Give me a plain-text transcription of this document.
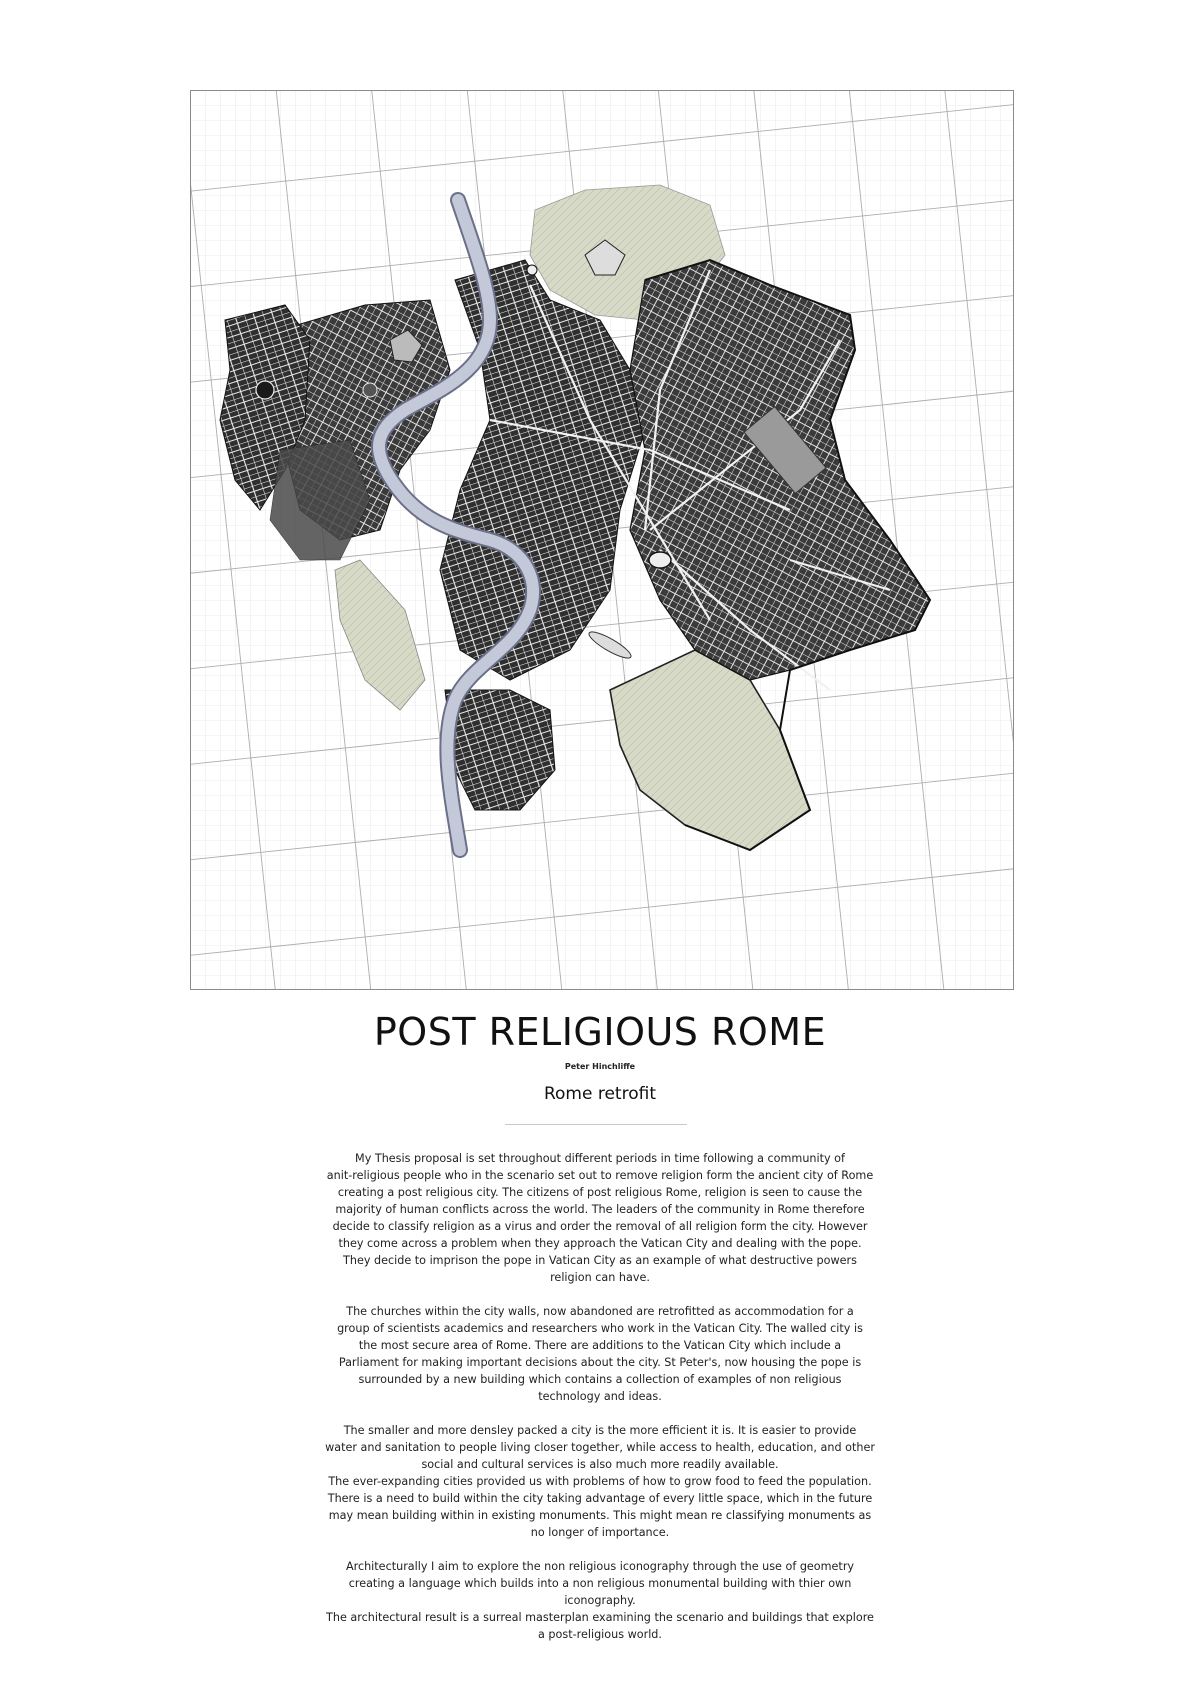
POST RELIGIOUS ROME
Peter Hinchliffe
Rome retrofit

My Thesis proposal is set throughout different periods in time following a community of
anit-religious people who in the scenario set out to remove religion form the ancient city of Rome
creating a post religious city. The citizens of post religious Rome, religion is seen to cause the
majority of human conflicts across the world. The leaders of the community in Rome therefore
decide to classify religion as a virus and order the removal of all religion form the city. However
they come across a problem when they approach the Vatican City and dealing with the pope.
They decide to imprison the pope in Vatican City as an example of what destructive powers
religion can have.

The churches within the city walls, now abandoned are retrofitted as accommodation for a
group of scientists academics and researchers who work in the Vatican City. The walled city is
the most secure area of Rome. There are additions to the Vatican City which include a
Parliament for making important decisions about the city. St Peter's, now housing the pope is
surrounded by a new building which contains a collection of examples of non religious
technology and ideas.

The smaller and more densley packed a city is the more efficient it is. It is easier to provide
water and sanitation to people living closer together, while access to health, education, and other
social and cultural services is also much more readily available.
The ever-expanding cities provided us with problems of how to grow food to feed the population.
There is a need to build within the city taking advantage of every little space, which in the future
may mean building within in existing monuments. This might mean re classifying monuments as
no longer of importance.

Architecturally I aim to explore the non religious iconography through the use of geometry
creating a language which builds into a non religious monumental building with thier own
iconography.
The architectural result is a surreal masterplan examining the scenario and buildings that explore
a post-religious world.
